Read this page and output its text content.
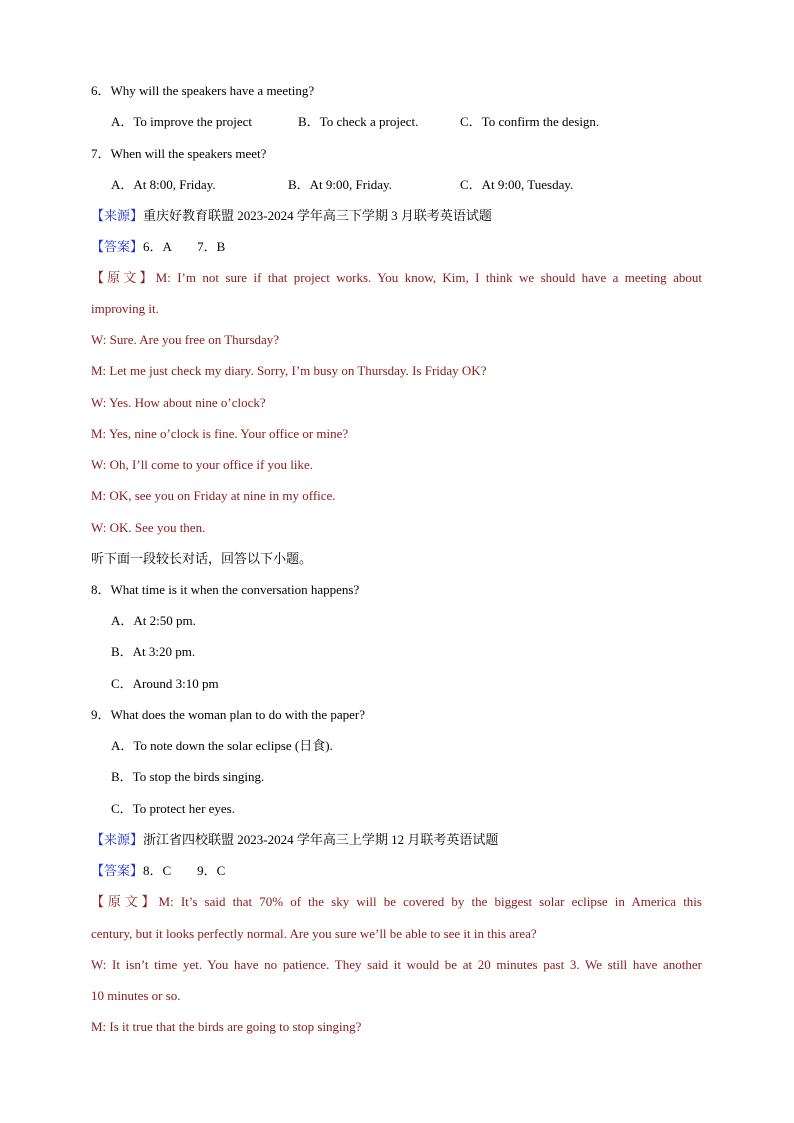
6．Why will the speakers have a meeting?
A．To improve the project	B．To check a project.	C．To confirm the design.
7．When will the speakers meet?
A．At 8:00, Friday.	B．At 9:00, Friday.	C．At 9:00, Tuesday.
【来源】重庆好教育联盟 2023-2024 学年高三下学期 3 月联考英语试题
【答案】6．A　　7．B
【原文】M: I’m not sure if that project works. You know, Kim, I think we should have a meeting about
improving it.
W: Sure. Are you free on Thursday?
M: Let me just check my diary. Sorry, I’m busy on Thursday. Is Friday OK?
W: Yes. How about nine o’clock?
M: Yes, nine o’clock is fine. Your office or mine?
W: Oh, I’ll come to your office if you like.
M: OK, see you on Friday at nine in my office.
W: OK. See you then.
听下面一段较长对话，回答以下小题。
8．What time is it when the conversation happens?
A．At 2:50 pm.
B．At 3:20 pm.
C．Around 3:10 pm
9．What does the woman plan to do with the paper?
A．To note down the solar eclipse (日食).
B．To stop the birds singing.
C．To protect her eyes.
【来源】浙江省四校联盟 2023-2024 学年高三上学期 12 月联考英语试题
【答案】8．C　　9．C
【原文】M: It’s said that 70% of the sky will be covered by the biggest solar eclipse in America this
century, but it looks perfectly normal. Are you sure we’ll be able to see it in this area?
W: It isn’t time yet. You have no patience. They said it would be at 20 minutes past 3. We still have another
10 minutes or so.
M: Is it true that the birds are going to stop singing?
